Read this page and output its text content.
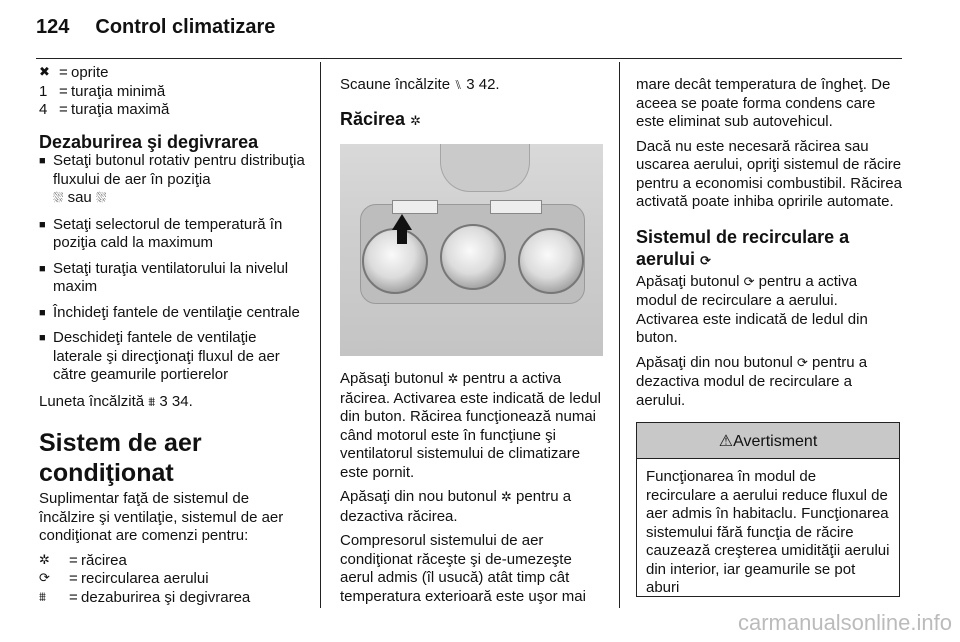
124 Control climatizare
✖ = oprite
1 = turaţia minimă
4 = turaţia maximă
Dezaburirea şi degivrarea
■ Setaţi butonul rotativ pentru distribuţia fluxului de aer în poziţia
⛆ sau ⛆
■ Setaţi selectorul de temperatură în poziţia cald la maximum
■ Setaţi turaţia ventilatorului la nivelul maxim
■ Închideţi fantele de ventilaţie centrale
■ Deschideţi fantele de ventilaţie laterale şi direcţionaţi fluxul de aer către geamurile portierelor

Luneta încălzită ⩩ 3 34.

Sistem de aer condiţionat
Suplimentar faţă de sistemul de încălzire şi ventilaţie, sistemul de aer condiţionat are comenzi pentru:
✲	= răcirea
⟳	= recircularea aerului
⩩	= dezaburirea şi degivrarea

Scaune încălzite ⑊ 3 42.

Răcirea ✲

Apăsaţi butonul ✲ pentru a activa răcirea. Activarea este indicată de ledul din buton. Răcirea funcţionează numai când motorul este în funcţiune şi ventilatorul sistemului de climatizare este pornit.

Apăsaţi din nou butonul ✲ pentru a dezactiva răcirea.

Compresorul sistemului de aer condiţionat răceşte şi de-umezeşte aerul admis (îl usucă) atât timp cât temperatura exterioară este uşor mai

mare decât temperatura de îngheţ. De aceea se poate forma condens care este eliminat sub autovehicul.

Dacă nu este necesară răcirea sau uscarea aerului, opriţi sistemul de răcire pentru a economisi combustibil. Răcirea activată poate inhiba opririle automate.

Sistemul de recirculare a aerului ⟳

Apăsaţi butonul ⟳ pentru a activa modul de recirculare a aerului. Activarea este indicată de ledul din buton.

Apăsaţi din nou butonul ⟳ pentru a dezactiva modul de recirculare a aerului.

⚠Avertisment
Funcţionarea în modul de recirculare a aerului reduce fluxul de aer admis în habitaclu. Funcţionarea sistemului fără funcţia de răcire cauzează creşterea umidităţii aerului din interior, iar geamurile se pot aburi
carmanualsonline.info
